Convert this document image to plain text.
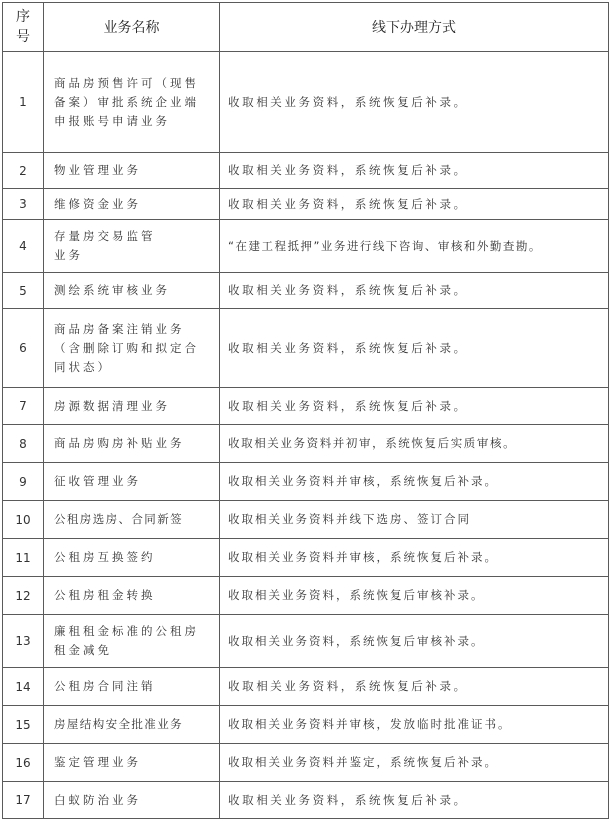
序号	业务名称	线下办理方式
1	商品房预售许可（现售备案）审批系统企业端申报账号申请业务	收取相关业务资料，系统恢复后补录。
2	物业管理业务	收取相关业务资料，系统恢复后补录。
3	维修资金业务	收取相关业务资料，系统恢复后补录。
4	存量房交易监管业务	“在建工程抵押”业务进行线下咨询、审核和外勤查勘。
5	测绘系统审核业务	收取相关业务资料，系统恢复后补录。
6	商品房备案注销业务（含删除订购和拟定合同状态）	收取相关业务资料，系统恢复后补录。
7	房源数据清理业务	收取相关业务资料，系统恢复后补录。
8	商品房购房补贴业务	收取相关业务资料并初审，系统恢复后实质审核。
9	征收管理业务	收取相关业务资料并审核，系统恢复后补录。
10	公租房选房、合同新签	收取相关业务资料并线下选房、签订合同
11	公租房互换签约	收取相关业务资料并审核，系统恢复后补录。
12	公租房租金转换	收取相关业务资料，系统恢复后审核补录。
13	廉租租金标准的公租房租金减免	收取相关业务资料，系统恢复后审核补录。
14	公租房合同注销	收取相关业务资料，系统恢复后补录。
15	房屋结构安全批准业务	收取相关业务资料并审核，发放临时批准证书。
16	鉴定管理业务	收取相关业务资料并鉴定，系统恢复后补录。
17	白蚁防治业务	收取相关业务资料，系统恢复后补录。
